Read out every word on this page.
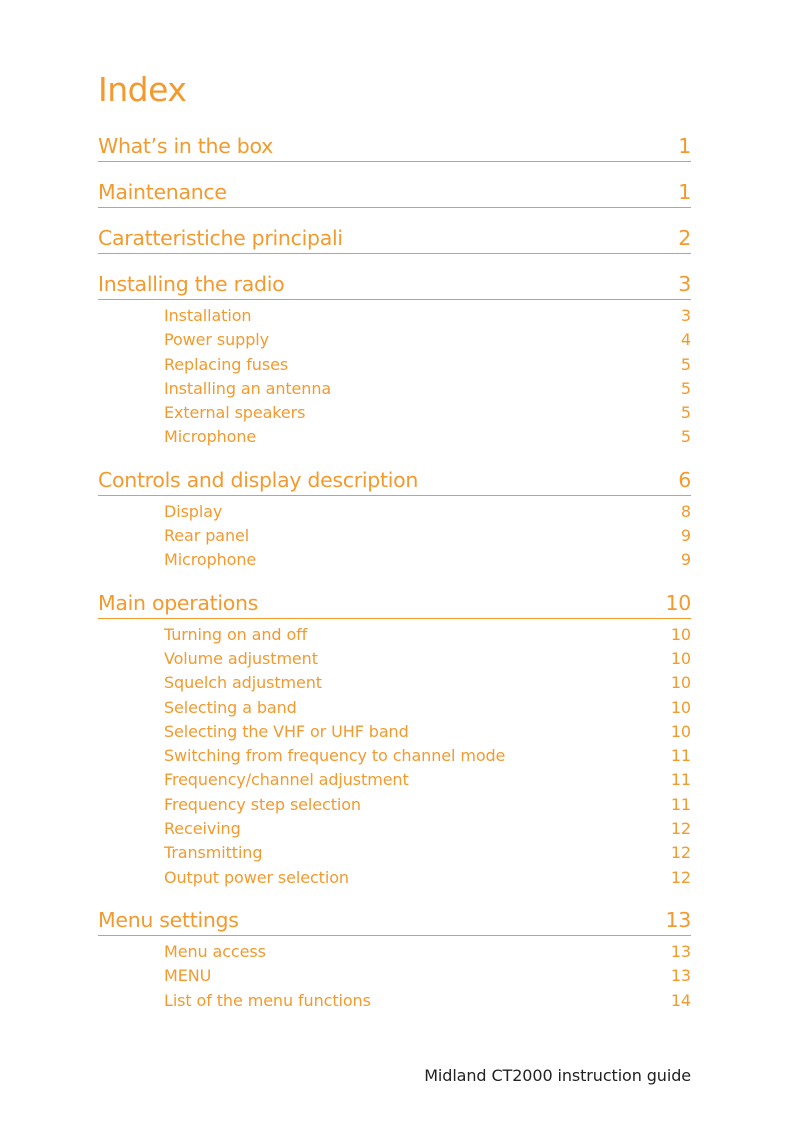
Index
What’s in the box	1
Maintenance	1
Caratteristiche principali	2
Installing the radio	3
Installation	3
Power supply	4
Replacing fuses	5
Installing an antenna	5
External speakers	5
Microphone	5
Controls and display description	6
Display	8
Rear panel	9
Microphone	9
Main operations	10
Turning on and off	10
Volume adjustment	10
Squelch adjustment	10
Selecting a band	10
Selecting the VHF or UHF band	10
Switching from frequency to channel mode	11
Frequency/channel adjustment	11
Frequency step selection	11
Receiving	12
Transmitting	12
Output power selection	12
Menu settings	13
Menu access	13
MENU	13
List of the menu functions	14
Midland CT2000 instruction guide
